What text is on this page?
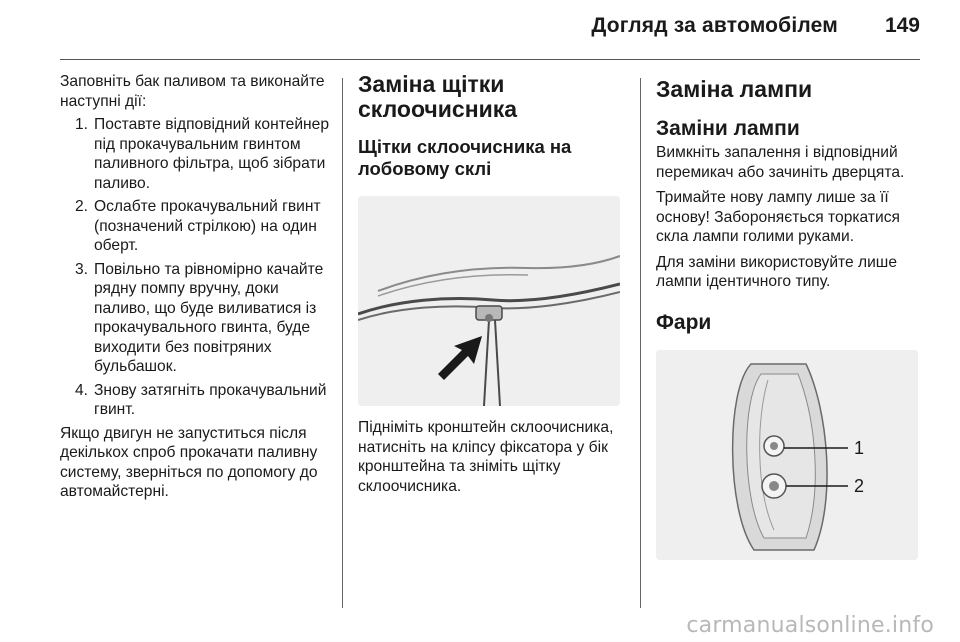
Догляд за автомобілем 149

Заповніть бак паливом та виконайте наступні дії:

1. Поставте відповідний контейнер під прокачувальним гвинтом паливного фільтра, щоб зібрати паливо.
2. Ослабте прокачувальний гвинт (позначений стрілкою) на один оберт.
3. Повільно та рівномірно качайте рядну помпу вручну, доки паливо, що буде виливатися із прокачувального гвинта, буде виходити без повітряних бульбашок.
4. Знову затягніть прокачувальний гвинт.

Якщо двигун не запуститься після декількох спроб прокачати паливну систему, зверніться по допомогу до автомайстерні.

Заміна щітки склоочисника
Щітки склоочисника на лобовому склі

Підніміть кронштейн склоочисника, натисніть на кліпсу фіксатора у бік кронштейна та зніміть щітку склоочисника.

Заміна лампи
Заміни лампи

Вимкніть запалення і відповідний перемикач або зачиніть дверцята.

Тримайте нову лампу лише за її основу! Забороняється торкатися скла лампи голими руками.

Для заміни використовуйте лише лампи ідентичного типу.

Фари
1
2
carmanualsonline.info
